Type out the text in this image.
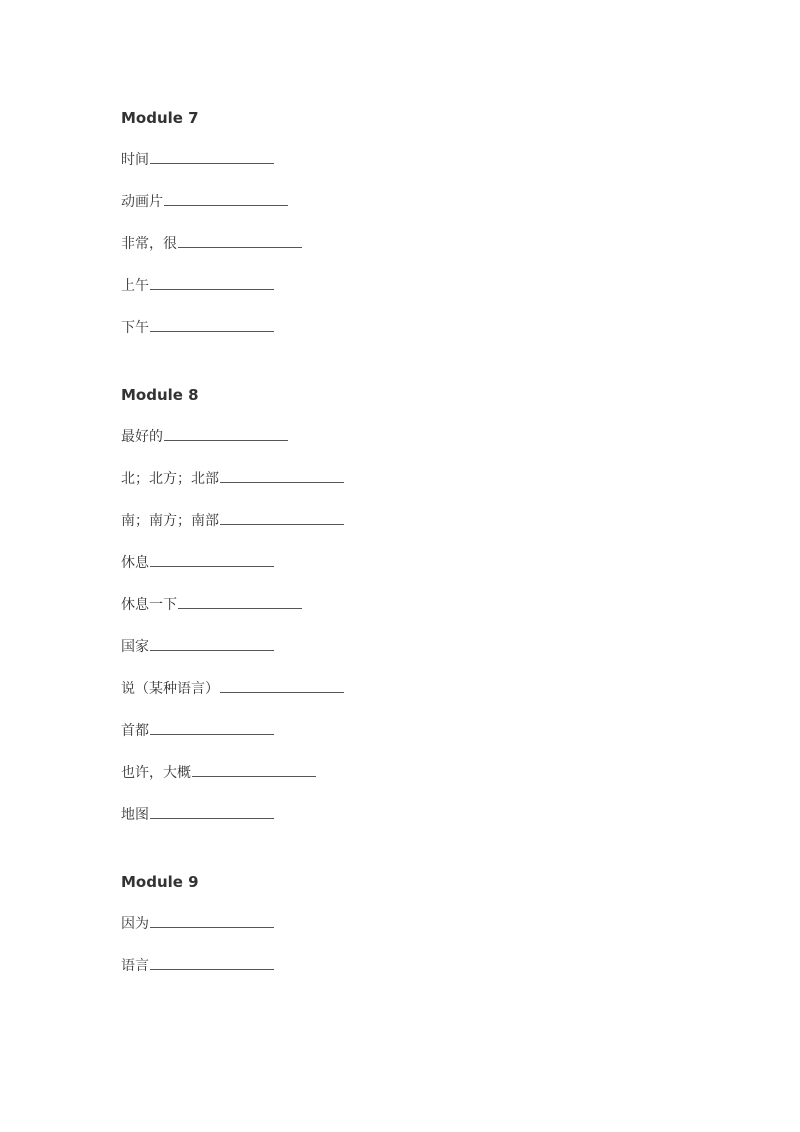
Module 7
时间
动画片
非常，很
上午
下午
Module 8
最好的
北；北方；北部
南；南方；南部
休息
休息一下
国家
说（某种语言）
首都
也许，大概
地图
Module 9
因为
语言
